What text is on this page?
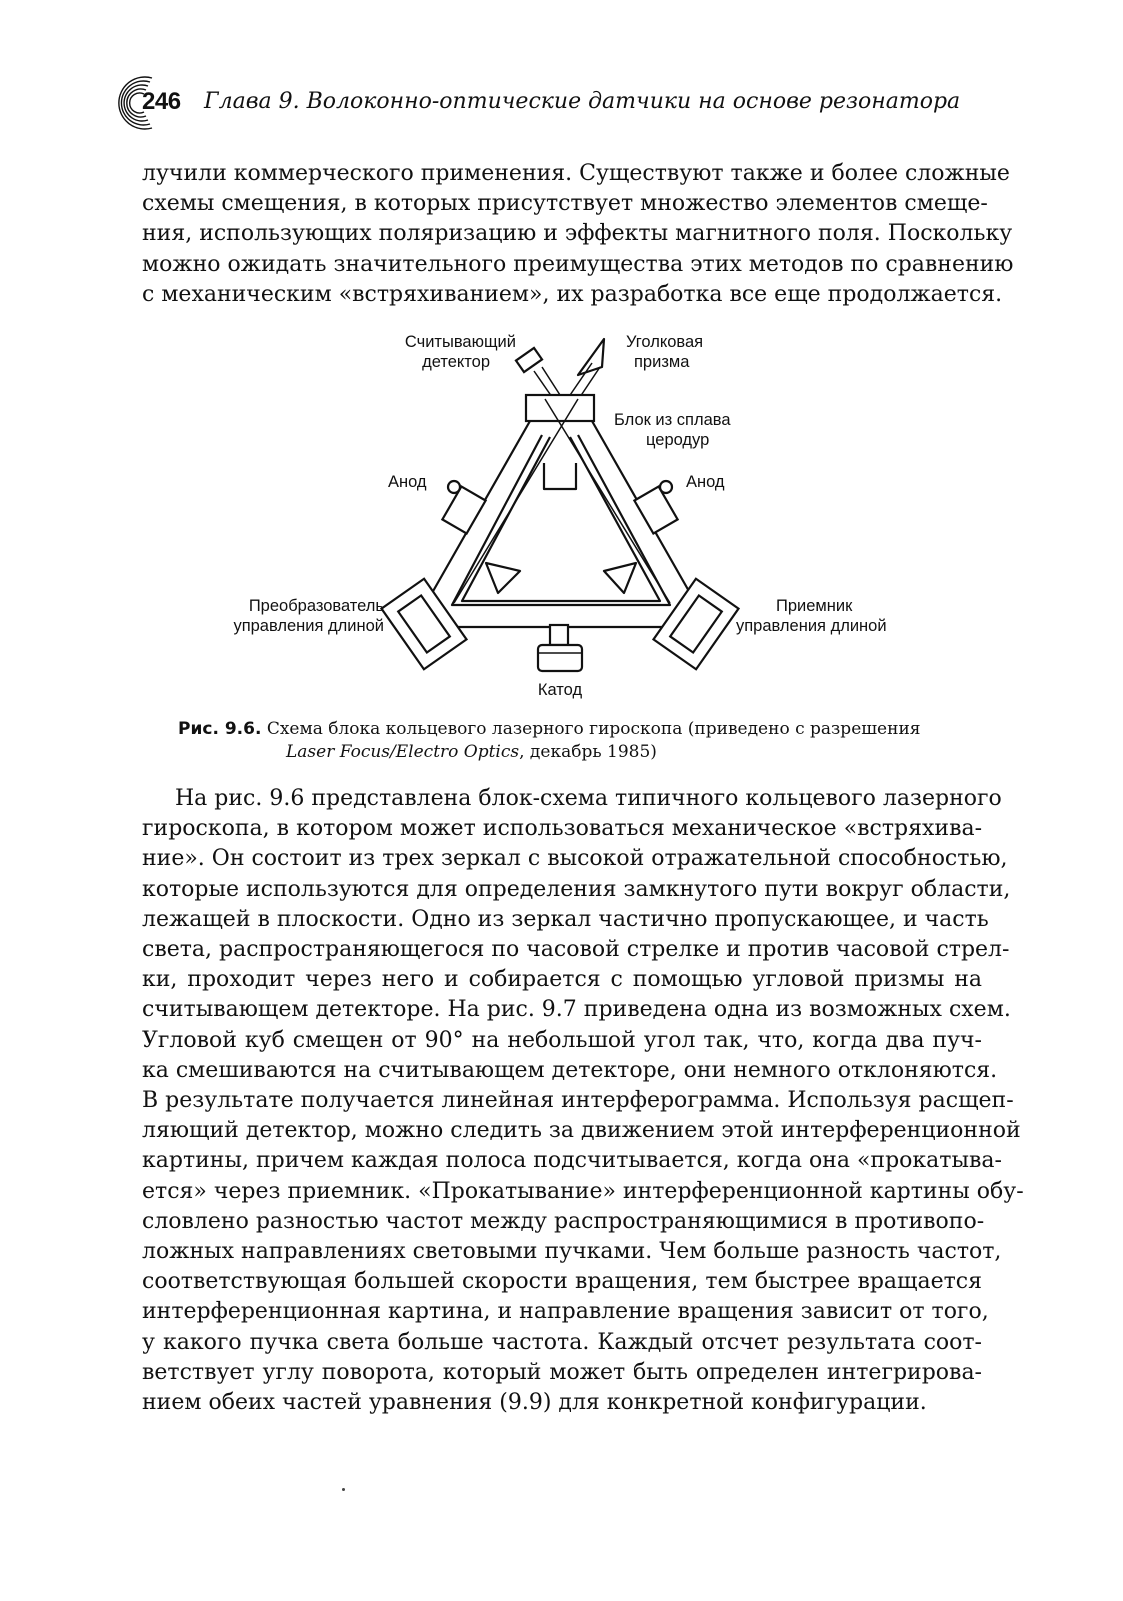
246 Глава 9. Волоконно-оптические датчики на основе резонатора
лучили коммерческого применения. Существуют также и более сложные
схемы смещения, в которых присутствует множество элементов смеще-
ния, использующих поляризацию и эффекты магнитного поля. Поскольку
можно ожидать значительного преимущества этих методов по сравнению
с механическим «встряхиванием», их разработка все еще продолжается.
Считывающий
детектор
Уголковая
призма
Блок из сплава
церодур
Анод	Анод
Преобразователь
управления длиной
Приемник
управления длиной
Катод
Рис. 9.6. Схема блока кольцевого лазерного гироскопа (приведено с разрешения
Laser Focus/Electro Optics, декабрь 1985)
На рис. 9.6 представлена блок-схема типичного кольцевого лазерного
гироскопа, в котoром может использоваться механическое «встряхива-
ние». Он состоит из трех зеркал с высокой отражательной способностью,
которые используются для определения замкнутого пути вокруг области,
лежащей в плоскости. Одно из зеркал частично пропускающее, и часть
света, распространяющегося по часовой стрелке и против часовой стрел-
ки, проходит через него и собирается с помощью угловой призмы на
считывающем детекторе. На рис. 9.7 приведена одна из возможных схем.
Угловой куб смещен от 90° на небольшой угол так, что, когда два пуч-
ка смешиваются на считывающем детекторе, они немного отклоняются.
В результате получается линейная интерферограмма. Используя расщеп-
ляющий детектор, можно следить за движением этой интерференционной
картины, причем каждая полоса подсчитывается, когда она «прокатыва-
ется» через приемник. «Прокатывание» интерференционной картины обу-
словлено разностью частот между распространяющимися в противопо-
ложных направлениях световыми пучками. Чем больше разность частот,
соответствующая большей скорости вращения, тем быстрее вращается
интерференционная картина, и направление вращения зависит от того,
у какого пучка света больше частота. Каждый отсчет результата соот-
ветствует углу поворота, который может быть определен интегрирова-
нием обеих частей уравнения (9.9) для конкретной конфигурации.
